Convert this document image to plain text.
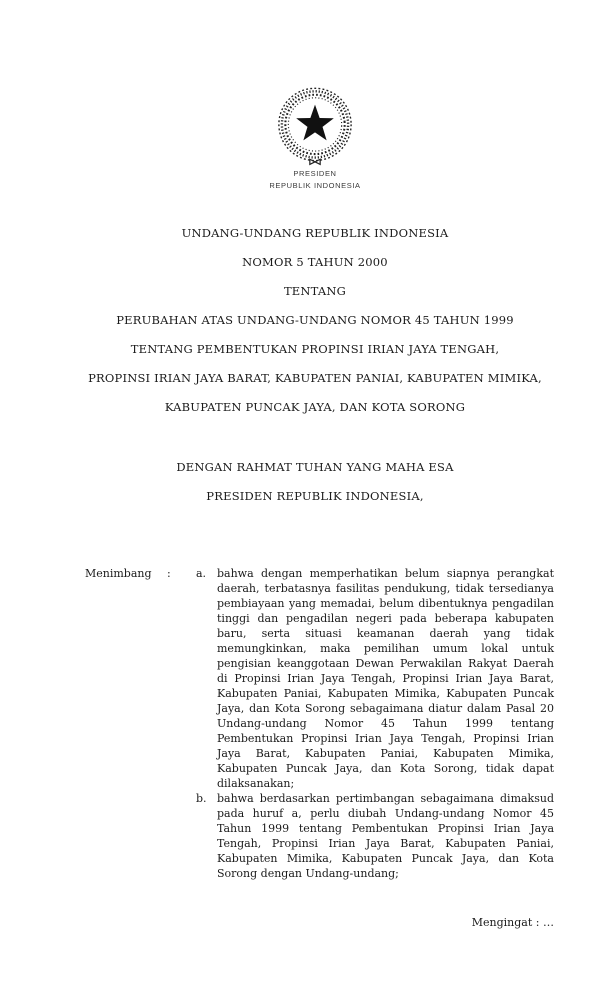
PRESIDEN

REPUBLIK INDONESIA

UNDANG-UNDANG REPUBLIK INDONESIA

NOMOR 5 TAHUN 2000

TENTANG

PERUBAHAN ATAS UNDANG-UNDANG NOMOR 45 TAHUN 1999

TENTANG PEMBENTUKAN PROPINSI IRIAN JAYA TENGAH,

PROPINSI IRIAN JAYA BARAT, KABUPATEN PANIAI, KABUPATEN MIMIKA,

KABUPATEN PUNCAK JAYA, DAN KOTA SORONG

DENGAN RAHMAT TUHAN YANG MAHA ESA

PRESIDEN REPUBLIK INDONESIA,

Menimbang	:	a. bahwa dengan memperhatikan belum siapnya perangkat daerah, terbatasnya fasilitas pendukung, tidak tersedianya pembiayaan yang memadai, belum dibentuknya pengadilan tinggi dan pengadilan negeri pada beberapa kabupaten baru, serta situasi keamanan daerah yang tidak memungkinkan, maka pemilihan umum lokal untuk pengisian keanggotaan Dewan Perwakilan Rakyat Daerah di Propinsi Irian Jaya Tengah, Propinsi Irian Jaya Barat, Kabupaten Paniai, Kabupaten Mimika, Kabupaten Puncak Jaya, dan Kota Sorong sebagaimana diatur dalam Pasal 20 Undang-undang Nomor 45 Tahun 1999 tentang Pembentukan Propinsi Irian Jaya Tengah, Propinsi Irian Jaya Barat, Kabupaten Paniai, Kabupaten Mimika, Kabupaten Puncak Jaya, dan Kota Sorong, tidak dapat dilaksanakan;

b. bahwa berdasarkan pertimbangan sebagaimana dimaksud pada huruf a, perlu diubah Undang-undang Nomor 45 Tahun 1999 tentang Pembentukan Propinsi Irian Jaya Tengah, Propinsi Irian Jaya Barat, Kabupaten Paniai, Kabupaten Mimika, Kabupaten Puncak Jaya, dan Kota Sorong dengan Undang-undang;

Mengingat : …
